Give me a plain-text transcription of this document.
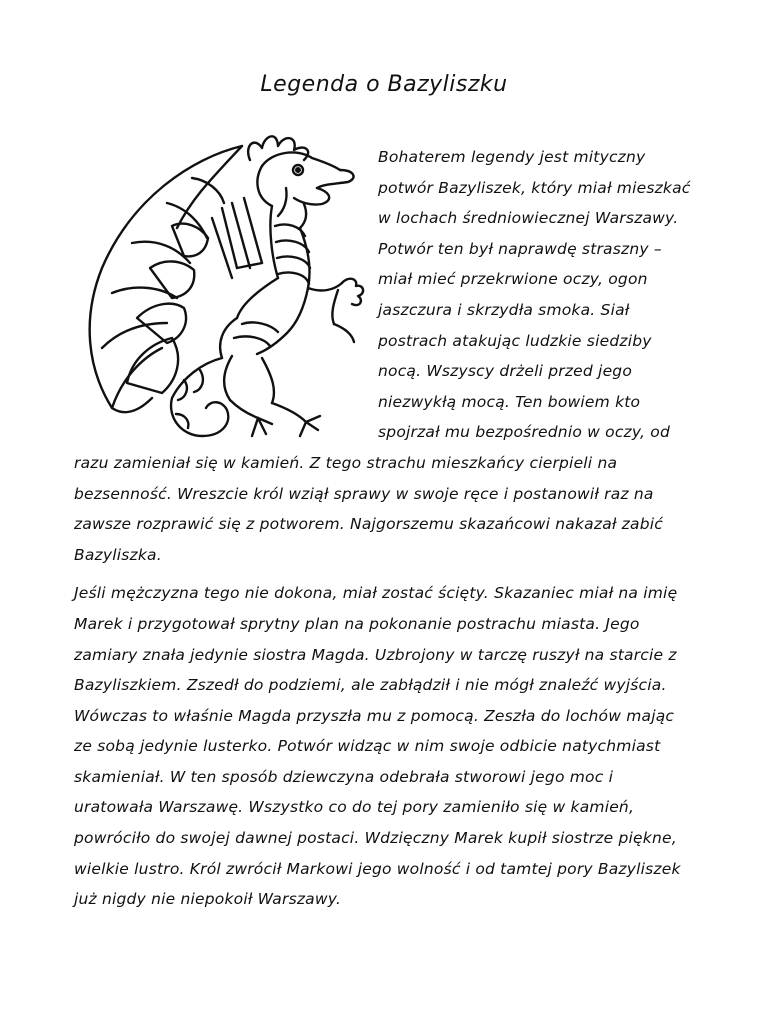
Legenda o Bazyliszku

Bohaterem legendy jest mityczny potwór Bazyliszek, który miał mieszkać w lochach średniowiecznej Warszawy. Potwór ten był naprawdę straszny – miał mieć przekrwione oczy, ogon jaszczura i skrzydła smoka. Siał postrach atakując ludzkie siedziby nocą. Wszyscy drżeli przed jego niezwykłą mocą. Ten bowiem kto spojrzał mu bezpośrednio w oczy, od razu zamieniał się w kamień. Z tego strachu mieszkańcy cierpieli na bezsenność. Wreszcie król wziął sprawy w swoje ręce i postanowił raz na zawsze rozprawić się z potworem. Najgorszemu skazańcowi nakazał zabić Bazyliszka.

Jeśli mężczyzna tego nie dokona, miał zostać ścięty. Skazaniec miał na imię Marek i przygotował sprytny plan na pokonanie postrachu miasta. Jego zamiary znała jedynie siostra Magda. Uzbrojony w tarczę ruszył na starcie z Bazyliszkiem. Zszedł do podziemi, ale zabłądził i nie mógł znaleźć wyjścia. Wówczas to właśnie Magda przyszła mu z pomocą. Zeszła do lochów mając ze sobą jedynie lusterko. Potwór widząc w nim swoje odbicie natychmiast skamieniał. W ten sposób dziewczyna odebrała stworowi jego moc i uratowała Warszawę. Wszystko co do tej pory zamieniło się w kamień, powróciło do swojej dawnej postaci. Wdzięczny Marek kupił siostrze piękne, wielkie lustro. Król zwrócił Markowi jego wolność i od tamtej pory Bazyliszek już nigdy nie niepokoił Warszawy.
